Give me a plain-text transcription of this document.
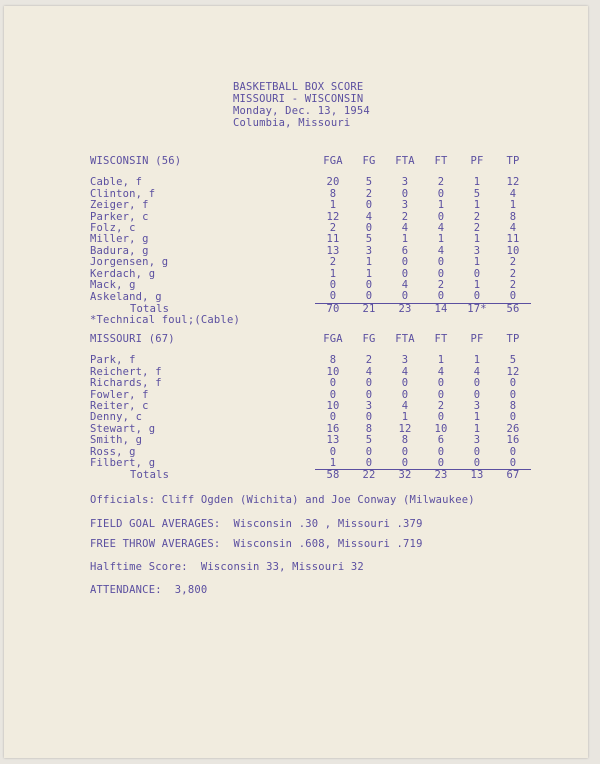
BASKETBALL BOX SCORE
MISSOURI - WISCONSIN
Monday, Dec. 13, 1954
Columbia, Missouri
WISCONSIN (56)	FGA	FG	FTA	FT	PF	TP

Cable, f	20	5	3	2	1	12
Clinton, f	8	2	0	0	5	4
Zeiger, f	1	0	3	1	1	1
Parker, c	12	4	2	0	2	8
Folz, c	2	0	4	4	2	4
Miller, g	11	5	1	1	1	11
Badura, g	13	3	6	4	3	10
Jorgensen, g	2	1	0	0	1	2
Kerdach, g	1	1	0	0	0	2
Mack, g	0	0	4	2	1	2
Askeland, g	0	0	0	0	0	0
Totals	70	21	23	14	17*	56
*Technical foul;(Cable)
MISSOURI (67)	FGA	FG	FTA	FT	PF	TP

Park, f	8	2	3	1	1	5
Reichert, f	10	4	4	4	4	12
Richards, f	0	0	0	0	0	0
Fowler, f	0	0	0	0	0	0
Reiter, c	10	3	4	2	3	8
Denny, c	0	0	1	0	1	0
Stewart, g	16	8	12	10	1	26
Smith, g	13	5	8	6	3	16
Ross, g	0	0	0	0	0	0
Filbert, g	1	0	0	0	0	0
Totals	58	22	32	23	13	67
Officials: Cliff Ogden (Wichita) and Joe Conway (Milwaukee)
FIELD GOAL AVERAGES:  Wisconsin .30 , Missouri .379
FREE THROW AVERAGES:  Wisconsin .608, Missouri .719
Halftime Score:  Wisconsin 33, Missouri 32
ATTENDANCE:  3,800
